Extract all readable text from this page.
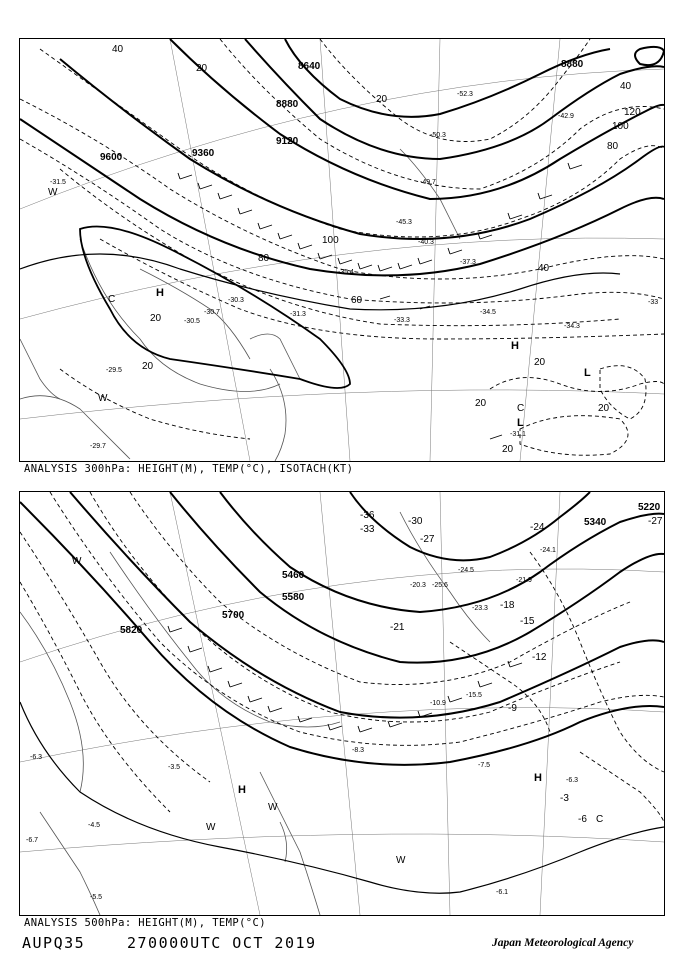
9600	9360
9120
8880
8640	8880
40
20
100
80
60
40
20
20
20
20
40
80
100
120
20
20
20
H
C
W
H
L
C
L
W
-31.5
-29.5
-30.5
-30.7
-30.3
-31.3
-35.4
-33.3
-34.5
-34.3
-33
-37.3
-40.3
-45.3
-49.7
-50.3
-52.3
-42.9
-31.1
-29.7
ANALYSIS 300hPa: HEIGHT(M), TEMP(°C), ISOTACH(KT)
5820
5700
5580
5460
5340
5220
-3
-6
-9
-12
-15
-18
-21
-24
-27
-30
-33
-36
-27
H
W
W
W
H
C
W
-7.5
-6.1
-6.3
-8.3
-4.5
-5.5
-6.7
-3.5
-10.9
-15.5
-23.3
-24.5
-20.3 -25.6
-24.1
-21.9
-6.3
ANALYSIS 500hPa: HEIGHT(M), TEMP(°C)
AUPQ35	270000UTC OCT 2019	Japan Meteorological Agency
